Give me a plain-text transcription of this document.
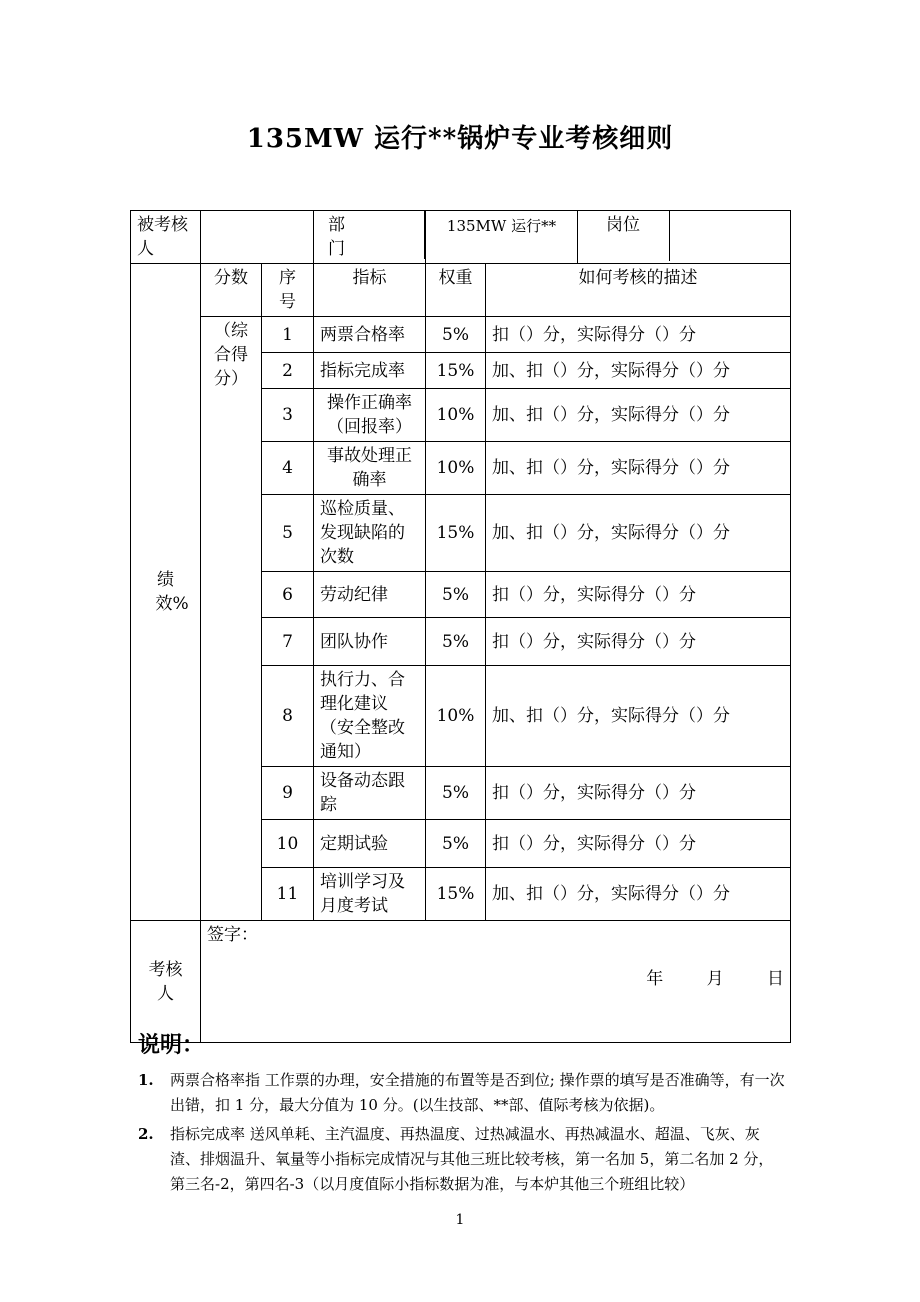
135MW 运行**锅炉专业考核细则
被考核人			部门	135MW 运行**		岗位

绩效%	分数	序号	指标	权重	如何考核的描述	

	（综合得分）	1	两票合格率	5%	扣（）分，实际得分（）分	
		2	指标完成率	15%	加、扣（）分，实际得分（）分	
		3	操作正确率（回报率）	10%	加、扣（）分，实际得分（）分	
		4	事故处理正确率	10%	加、扣（）分，实际得分（）分	
		5	巡检质量、发现缺陷的次数	15%	加、扣（）分，实际得分（）分	
		6	劳动纪律	5%	扣（）分，实际得分（）分	
		7	团队协作	5%	扣（）分，实际得分（）分	
		8	执行力、合理化建议（安全整改通知）	10%	加、扣（）分，实际得分（）分	
		9	设备动态跟踪	5%	扣（）分，实际得分（）分	
		10	定期试验	5%	扣（）分，实际得分（）分	
		11	培训学习及月度考试	15%	加、扣（）分，实际得分（）分	

考核人	签字：
年 月 日					
说明：
1.	两票合格率指 工作票的办理，安全措施的布置等是否到位; 操作票的填写是否准确等，有一次出错，扣 1 分，最大分值为 10 分。(以生技部、**部、值际考核为依据)。
2.	指标完成率 送风单耗、主汽温度、再热温度、过热减温水、再热减温水、超温、飞灰、灰渣、排烟温升、氧量等小指标完成情况与其他三班比较考核，第一名加 5，第二名加 2 分，第三名-2，第四名-3（以月度值际小指标数据为准，与本炉其他三个班组比较）
1
